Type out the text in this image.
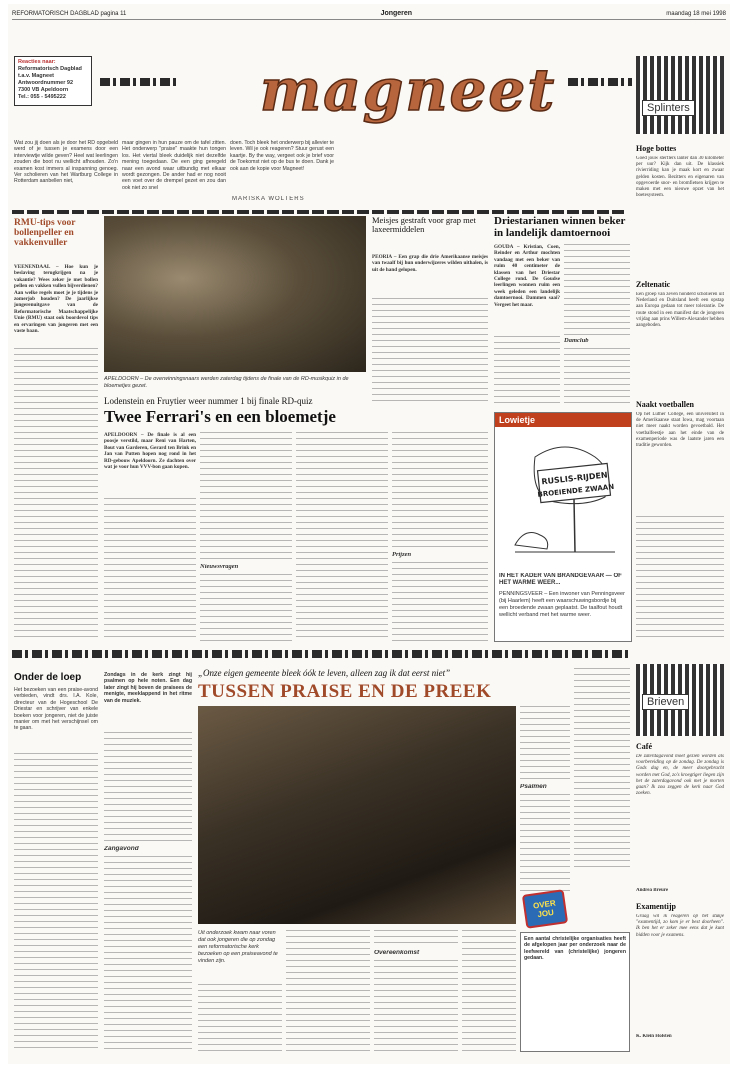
REFORMATORISCH DAGBLAD pagina 11	Jongeren	maandag 18 mei 1998
Reacties naar:
Reformatorisch Dagblad
t.a.v. Magneet
Antwoordnummer 92
7300 VB Apeldoorn
Tel.: 055 - 5495222	magneet	Splinters
Wat zou jij doen als je door het RD opgebeld werd of je tussen je examens door een interviewtje wilde geven? Heel wat leerlingen zouden die boot nu wellicht afhouden. Zo'n examen kost immers al inspanning genoeg. Ver scholieren van het Wartburg College in Rotterdam aanbellen niet,
maar gingen in hun pauze om de tafel zitten. Het onderwerp "praise" maakte hun tongen los. Het viertal bleek duidelijk niet dezelfde mening toegedaan. De een ging geregeld naar een avond waar uitbundig met elkaar wordt gezongen. De ander had er nog nooit een voet over de drempel gezet en zou dan ook niet zo snel
doen. Toch bleek het onderwerp bij allevier te leven. Wil je ook reageren? Stuur gerust een kaartje. By the way, vergeet ook je brief voor de Toekomst niet op de bus te doen. Dank je ook aan de kopie voor Magneet!
MARISKA WOLTERS
RMU-tips voor bollenpeller en vakkenvuller
VEENENDAAL – Hoe kun je beslaving terugkrijgen na je vakantie? Wees zeker je met bollen pellen en vakken vullen bijverdienen? Aan welke regels moet je je tijdens je zomerjob houden? De jaarlijkse jongerenuitgave van de Reformatorische Maatschappelijke Unie (RMU) staat ook boordevol tips en ervaringen van jongeren met een vaste baan.
APELDOORN – De overwinningsnaars werden zaterdag tijdens de finale van de RD-musikquiz in de bloemetjes gezet.
Meisjes gestraft voor grap met laxeermiddelen
PEORIA – Een grap die drie Amerikaanse meisjes van twaalf bij hun onderwijzeres wilden uithalen, is uit de hand gelopen.
Driestarianen winnen beker in landelijk damtoernooi
GOUDA – Kristian, Coen, Reinder en Arthur mochten vandaag met een beker van ruim 40 centimeter de klassen van het Driestar College rond. De Goudse leerlingen wonnen ruim een week geleden een landelijk damtoernooi. Dammen saai? Vergeet het maar.
Damclub
Lodenstein en Fruytier weer nummer 1 bij finale RD-quiz
Twee Ferrari's en een bloemetje
APELDOORN – De finale is al een poosje verstild, maar Reni van Harten, Bout van Garderen, Gerard ten Brink en Jan van Putten hopen nog rond in het RD-gebouw Apeldoorn. Ze dachten over wat je voor hun VVV-bon gaan kopen.
Nieuwsvragen
Prijzen
Lowietje
RUSLIS-RIJDEN
BROEIENDE ZWAAN
IN HET KADER VAN BRANDGEVAAR — OF HET WARME WEER...
PENNINGSVEER – Een inwoner van Penningsveer (bij Haarlem) heeft een waarschuwingsbordje bij een broedende zwaan geplaatst. De taalfout houdt wellicht verband met het warme weer.
Hoge bottes
Goed jouw sterflers lanter dan 30 kilometer per uur? Kijk dan uit. De klassiek rivierriding kan je maak kort en zwaar gelden kosten. Bezitters en eigenaren van opgevoerde snor- en bromfietsen krijgen te maken met een nieuwe opzet van het boetesysteem.
Zeltenatic
Een groep van zeven honderd scholieren uit Nederland en Duitsland heeft een opstap aan Europa gedaan tot meer tolerantie. De route stond in een manifest dat de jongeren vrijdag aan prins Willem-Alexander hebben aangeboden.
Naakt voetballen
Op het Luther College, een universiteit in de Amerikaanse staat Iowa, mag voortaan niet meer naakt worden gevoetbald. Het voetbalfeestje aan het einde van de examenperiode was de laatste jaren een traditie geworden.
Onder de loep
Het bezoeken van een praise-avond verbieden, vindt drs. I.A. Kole, directeur van de Hogeschool De Driestar en schrijver van enkele boeken voor jongeren, niet de juiste manier om met het verschijnsel om te gaan.
Zondags in de kerk zingt hij psalmen op hele noten. Een dag later zingt hij boven de praisees de menigte, meeklappend in het ritme van de muziek.
Zangavond
„Onze eigen gemeente bleek óók te leven, alleen zag ik dat eerst niet”
TUSSEN PRAISE EN DE PREEK
Psalmen
OVER
JOU
Uit onderzoek kwam naar voren dat ook jongeren die op zondag een reformatorische kerk bezoeken op een praiseavond te vinden zijn.
Overeenkomst
Een aantal christelijke organisaties heeft de afgelopen jaar per onderzoek naar de leefwereld van (christelijke) jongeren gedaan.
Brieven
Café
De zaterdagavond moet gezien worden als voorbereiding op de zondag. De zondag is Gods dag en, de meer doorgebracht worden met God, zo's kroegtiger liegen zijn het de zaterdagavond ook met je morten gaan? Ik zou zeggen de kerk naar God zoeken.
Andrea Breure
Examentijp
Graag wil ik reageren op het stukje "examentijd, zo kom je er best doorheen". Ik ben het er zeker mee eens dat je kunt bidden voor je examens.
K. Klein Holsten
